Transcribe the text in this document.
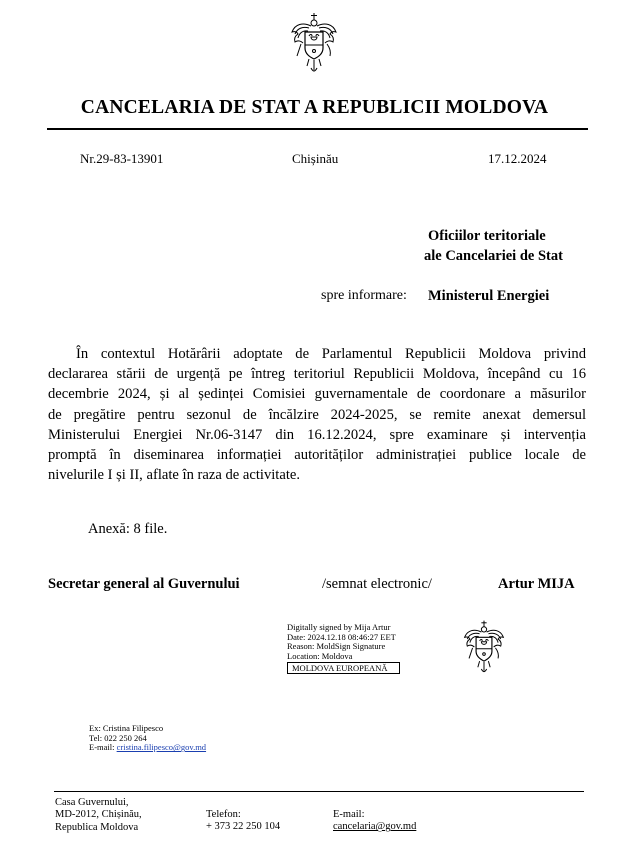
CANCELARIA DE STAT A REPUBLICII MOLDOVA
Nr.29-83-13901	Chișinău	17.12.2024
Oficiilor teritoriale
ale Cancelariei de Stat
spre informare: Ministerul Energiei
În contextul Hotărârii adoptate de Parlamentul Republicii Moldova privind
declararea stării de urgență pe întreg teritoriul Republicii Moldova, începând cu 16
decembrie 2024, și al ședinței Comisiei guvernamentale de coordonare a măsurilor
de pregătire pentru sezonul de încălzire 2024-2025, se remite anexat demersul
Ministerului Energiei Nr.06-3147 din 16.12.2024, spre examinare și intervenția
promptă în diseminarea informației autorităților administrației publice locale de
nivelurile I și II, aflate în raza de activitate.
Anexă: 8 file.
Secretar general al Guvernului	/semnat electronic/	Artur MIJA
Digitally signed by Mija Artur
Date: 2024.12.18 08:46:27 EET
Reason: MoldSign Signature
Location: Moldova
MOLDOVA EUROPEANĂ
Ex: Cristina Filipesco
Tel: 022 250 264
E-mail: cristina.filipesco@gov.md
Casa Guvernului,
MD-2012, Chișinău,
Republica Moldova
Telefon:
+ 373 22 250 104
E-mail:
cancelaria@gov.md
